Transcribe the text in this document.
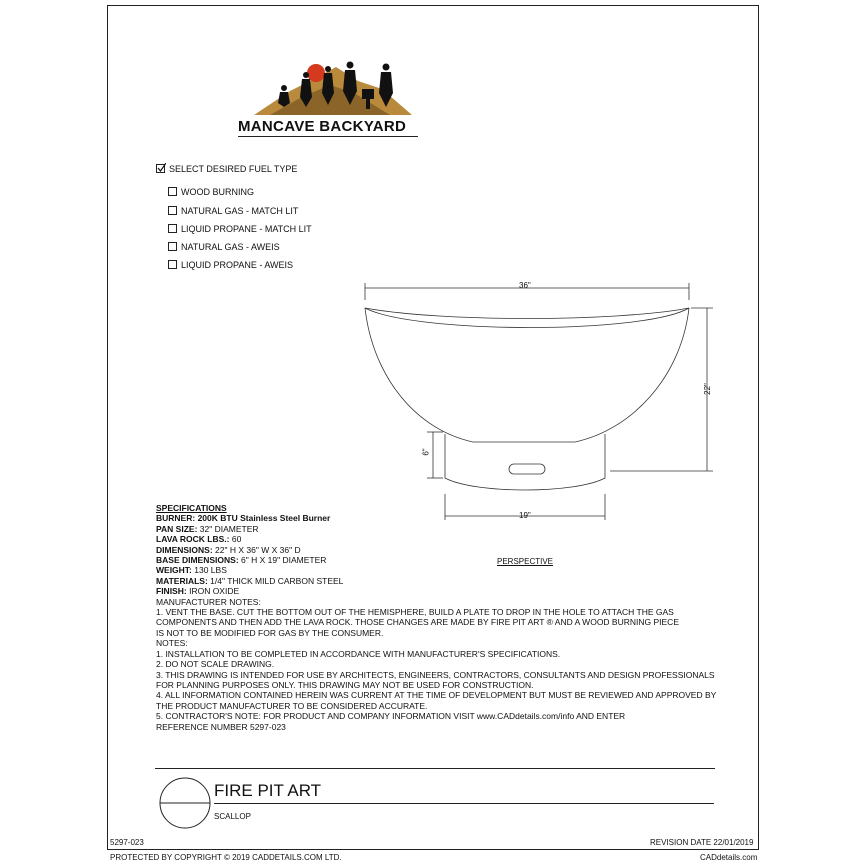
MANCAVE BACKYARD
SELECT DESIRED FUEL TYPE
WOOD BURNING
NATURAL GAS - MATCH LIT
LIQUID PROPANE - MATCH LIT
NATURAL GAS - AWEIS
LIQUID PROPANE - AWEIS
36"
22"
6"
19"
PERSPECTIVE
SPECIFICATIONS
BURNER: 200K BTU Stainless Steel Burner
PAN SIZE: 32" DIAMETER
LAVA ROCK LBS.: 60
DIMENSIONS: 22" H X 36" W X 36" D
BASE DIMENSIONS: 6" H X 19" DIAMETER
WEIGHT: 130 LBS
MATERIALS: 1/4" THICK MILD CARBON STEEL
FINISH: IRON OXIDE
MANUFACTURER NOTES:
1. VENT THE BASE. CUT THE BOTTOM OUT OF THE HEMISPHERE, BUILD A PLATE TO DROP IN THE HOLE TO ATTACH THE GAS
COMPONENTS AND THEN ADD THE LAVA ROCK. THOSE CHANGES ARE MADE BY FIRE PIT ART ® AND A WOOD BURNING PIECE
IS NOT TO BE MODIFIED FOR GAS BY THE CONSUMER.
NOTES:
1. INSTALLATION TO BE COMPLETED IN ACCORDANCE WITH MANUFACTURER'S SPECIFICATIONS.
2. DO NOT SCALE DRAWING.
3. THIS DRAWING IS INTENDED FOR USE BY ARCHITECTS, ENGINEERS, CONTRACTORS, CONSULTANTS AND DESIGN PROFESSIONALS
FOR PLANNING PURPOSES ONLY. THIS DRAWING MAY NOT BE USED FOR CONSTRUCTION.
4. ALL INFORMATION CONTAINED HEREIN WAS CURRENT AT THE TIME OF DEVELOPMENT BUT MUST BE REVIEWED AND APPROVED BY
THE PRODUCT MANUFACTURER TO BE CONSIDERED ACCURATE.
5. CONTRACTOR'S NOTE: FOR PRODUCT AND COMPANY INFORMATION VISIT www.CADdetails.com/info AND ENTER
REFERENCE NUMBER 5297-023
FIRE PIT ART
SCALLOP
5297-023	REVISION DATE 22/01/2019
PROTECTED BY COPYRIGHT © 2019 CADDETAILS.COM LTD.	CADdetails.com
